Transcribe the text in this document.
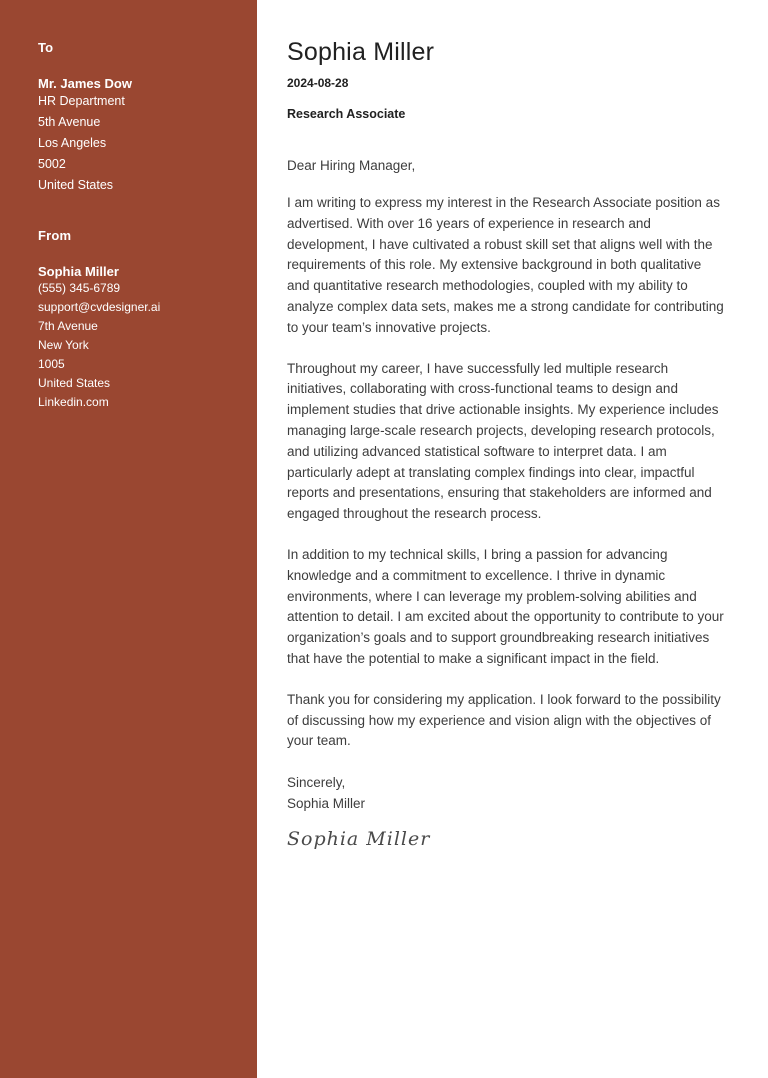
To
Mr. James Dow
HR Department
5th Avenue
Los Angeles
5002
United States
From
Sophia Miller
(555) 345-6789
support@cvdesigner.ai
7th Avenue
New York
1005
United States
Linkedin.com
Sophia Miller
2024-08-28
Research Associate
Dear Hiring Manager,

I am writing to express my interest in the Research Associate position as advertised. With over 16 years of experience in research and development, I have cultivated a robust skill set that aligns well with the requirements of this role. My extensive background in both qualitative and quantitative research methodologies, coupled with my ability to analyze complex data sets, makes me a strong candidate for contributing to your team’s innovative projects.

Throughout my career, I have successfully led multiple research initiatives, collaborating with cross-functional teams to design and implement studies that drive actionable insights. My experience includes managing large-scale research projects, developing research protocols, and utilizing advanced statistical software to interpret data. I am particularly adept at translating complex findings into clear, impactful reports and presentations, ensuring that stakeholders are informed and engaged throughout the research process.

In addition to my technical skills, I bring a passion for advancing knowledge and a commitment to excellence. I thrive in dynamic environments, where I can leverage my problem-solving abilities and attention to detail. I am excited about the opportunity to contribute to your organization’s goals and to support groundbreaking research initiatives that have the potential to make a significant impact in the field.

Thank you for considering my application. I look forward to the possibility of discussing how my experience and vision align with the objectives of your team.

Sincerely,
Sophia Miller
Sophia Miller
